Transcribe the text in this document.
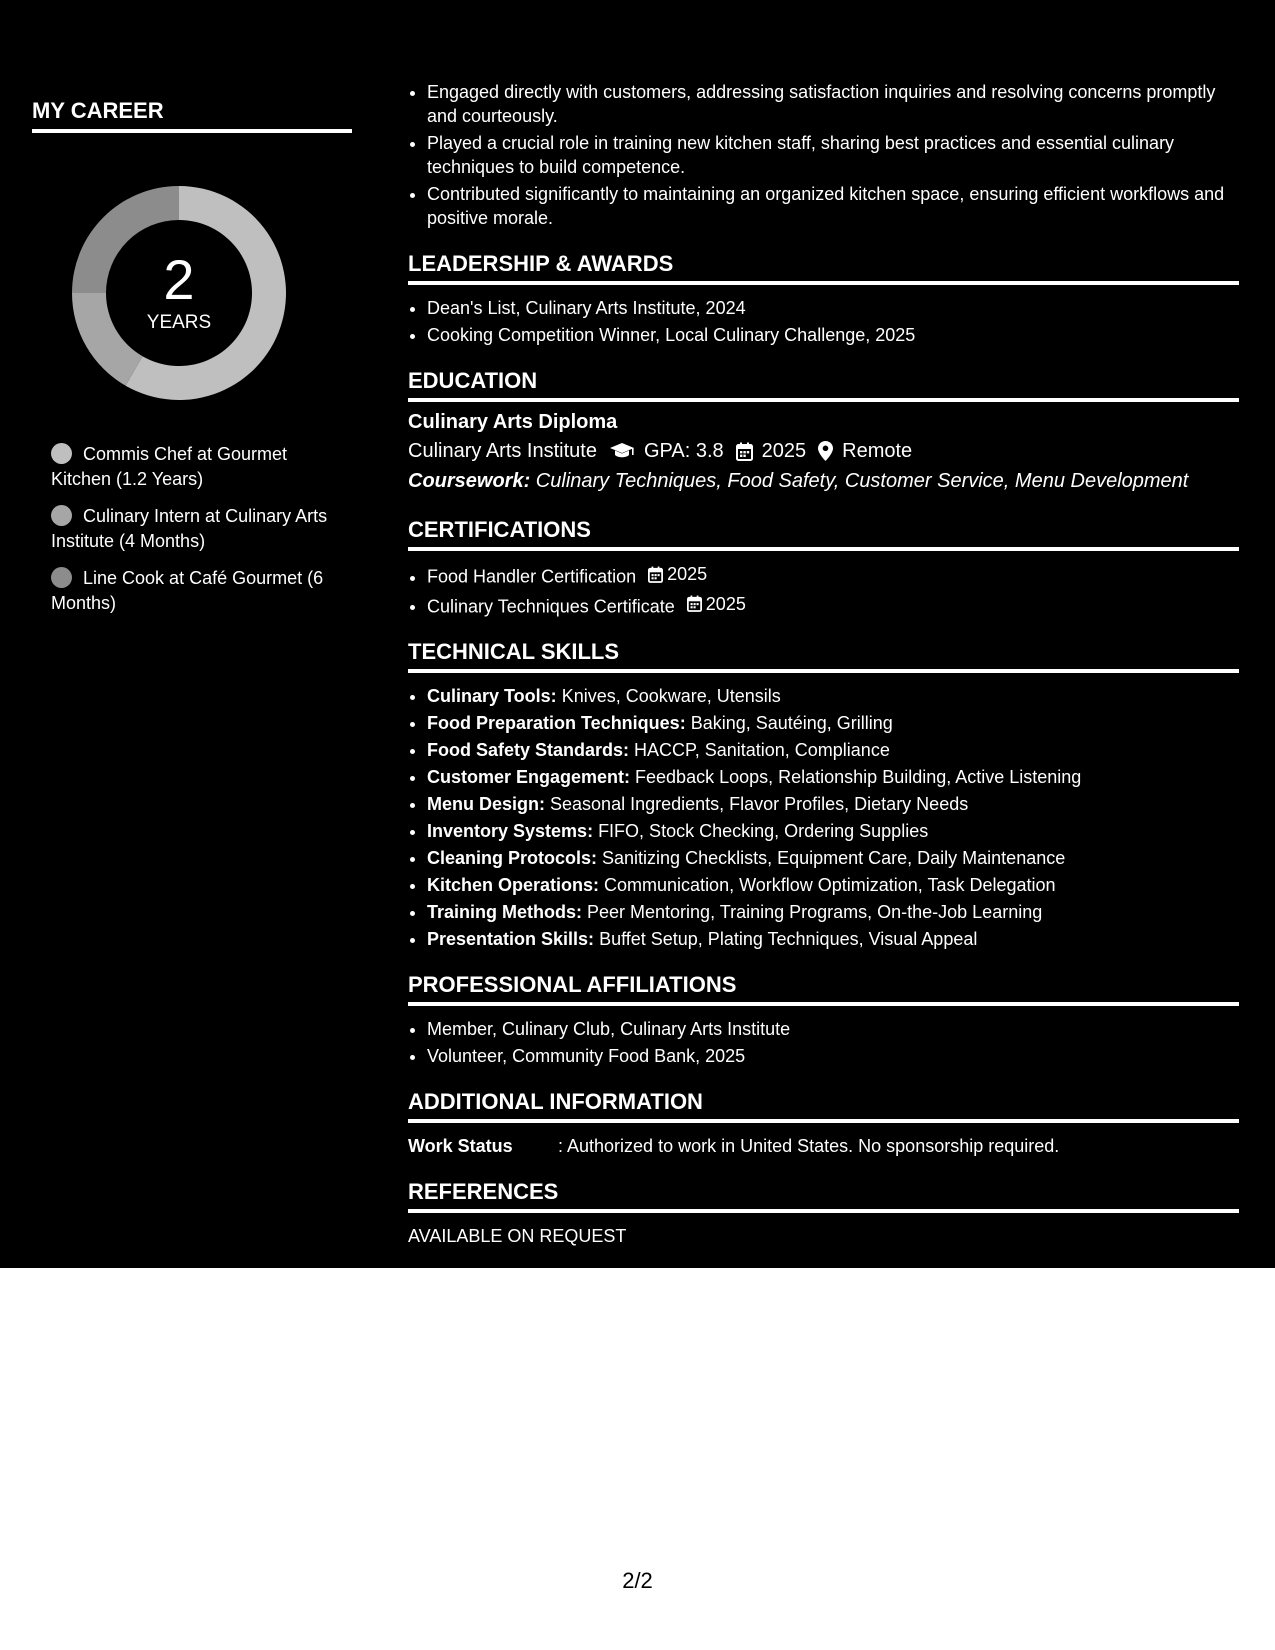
MY CAREER
2
YEARS
Commis Chef at Gourmet Kitchen (1.2 Years)
Culinary Intern at Culinary Arts Institute (4 Months)
Line Cook at Café Gourmet (6 Months)
• Engaged directly with customers, addressing satisfaction inquiries and resolving concerns promptly and courteously.
• Played a crucial role in training new kitchen staff, sharing best practices and essential culinary techniques to build competence.
• Contributed significantly to maintaining an organized kitchen space, ensuring efficient workflows and positive morale.
LEADERSHIP & AWARDS
• Dean's List, Culinary Arts Institute, 2024
• Cooking Competition Winner, Local Culinary Challenge, 2025
EDUCATION
Culinary Arts Diploma
Culinary Arts Institute GPA: 3.8 2025 Remote
Coursework: Culinary Techniques, Food Safety, Customer Service, Menu Development
CERTIFICATIONS
• Food Handler Certification 2025
• Culinary Techniques Certificate 2025
TECHNICAL SKILLS
• Culinary Tools: Knives, Cookware, Utensils
• Food Preparation Techniques: Baking, Sautéing, Grilling
• Food Safety Standards: HACCP, Sanitation, Compliance
• Customer Engagement: Feedback Loops, Relationship Building, Active Listening
• Menu Design: Seasonal Ingredients, Flavor Profiles, Dietary Needs
• Inventory Systems: FIFO, Stock Checking, Ordering Supplies
• Cleaning Protocols: Sanitizing Checklists, Equipment Care, Daily Maintenance
• Kitchen Operations: Communication, Workflow Optimization, Task Delegation
• Training Methods: Peer Mentoring, Training Programs, On-the-Job Learning
• Presentation Skills: Buffet Setup, Plating Techniques, Visual Appeal
PROFESSIONAL AFFILIATIONS
• Member, Culinary Club, Culinary Arts Institute
• Volunteer, Community Food Bank, 2025
ADDITIONAL INFORMATION
Work Status	: Authorized to work in United States. No sponsorship required.
REFERENCES
AVAILABLE ON REQUEST
2/2
